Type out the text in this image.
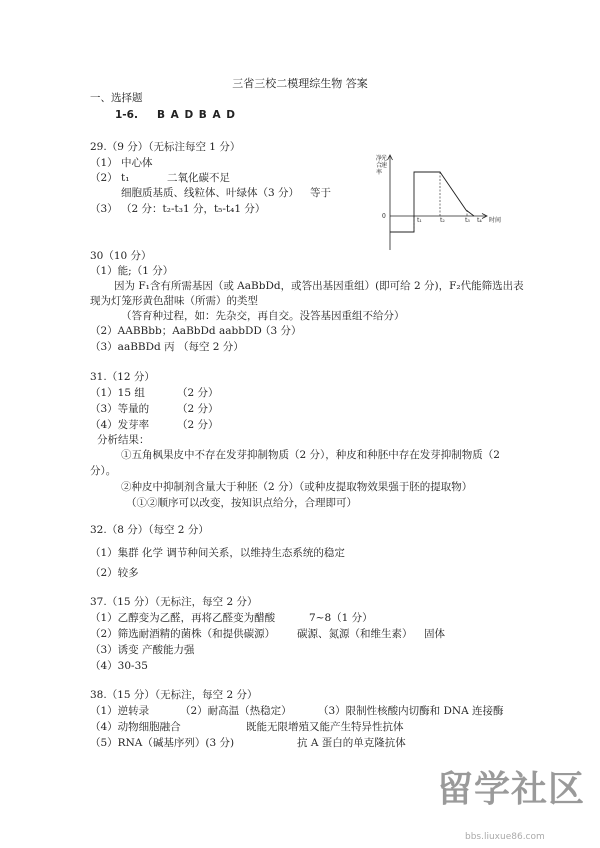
三省三校二模理综生物 答案
一、选择题
1-6. B A D B A D
29.（9 分）（无标注每空 1 分）
（1） 中心体
（2） t₁	二氧化碳不足
细胞质基质、线粒体、叶绿体（3 分） 等于
（3） （2 分：t₂-t₃1 分，t₅-t₄1 分）
净
光
合
速
率
0
t₁	t₂	t₃ t₄ 时间
30（10 分）
（1）能;（1 分）
因为 F₁含有所需基因（或 AaBbDd，或答出基因重组）(即可给 2 分)，F₂代能筛选出表
现为灯笼形黄色甜味（所需）的类型
（答育种过程，如：先杂交，再自交。没答基因重组不给分）
（2）AABBbb；AaBbDd aabbDD
（3 分）
（3）aaBBDd 丙 （每空 2 分）
31.（12 分）
（1）15 组	（2 分）
（3）等量的	（2 分）
（4）发芽率	（2 分）
分析结果：
①五角枫果皮中不存在发芽抑制物质（2 分），种皮和种胚中存在发芽抑制物质（2
分）。
②种皮中抑制剂含量大于种胚（2 分）（或种皮提取物效果强于胚的提取物）
（①②顺序可以改变，按知识点给分，合理即可）
32.（8 分）（每空 2 分）
（1）集群 化学 调节种间关系，以维持生态系统的稳定
（2）较多
37.（15 分）（无标注，每空 2 分）
（1）乙醇变为乙醛，再将乙醛变为醋酸	7~8（1 分）
（2）筛选耐酒精的菌株（和提供碳源） 碳源、氮源（和维生素） 固体
（3）诱变 产酸能力强
（4）30-35
38.（15 分）（无标注，每空 2 分）
（1）逆转录	（2）耐高温（热稳定）	（3）限制性核酸内切酶和 DNA 连接酶
（4）动物细胞融合	既能无限增殖又能产生特异性抗体
（5）RNA（碱基序列）(3 分)	抗 A 蛋白的单克隆抗体
留学社区
bbs.liuxue86.com
